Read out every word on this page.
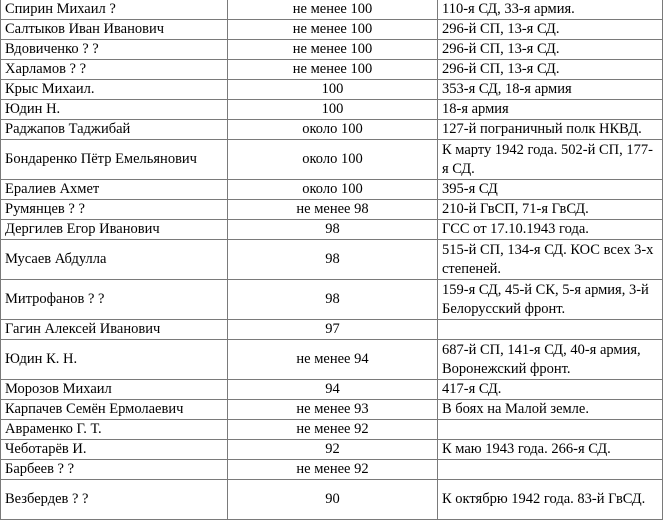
Спирин Михаил ?	не менее 100	110-я СД, 33-я армия.
Салтыков Иван Иванович	не менее 100	296-й СП, 13-я СД.
Вдовиченко ? ?	не менее 100	296-й СП, 13-я СД.
Харламов ? ?	не менее 100	296-й СП, 13-я СД.
Крыс Михаил.	100	353-я СД, 18-я армия
Юдин Н.	100	18-я армия
Раджапов Таджибай	около 100	127-й пограничный полк НКВД.
Бондаренко Пётр Емельянович	около 100	К марту 1942 года. 502-й СП, 177-я СД.
Ералиев Ахмет	около 100	395-я СД
Румянцев ? ?	не менее 98	210-й ГвСП, 71-я ГвСД.
Дергилев Егор Иванович	98	ГСС от 17.10.1943 года.
Мусаев Абдулла	98	515-й СП, 134-я СД. КОС всех 3-х степеней.
Митрофанов ? ?	98	159-я СД, 45-й СК, 5-я армия, 3-й Белорусский фронт.
Гагин Алексей Иванович	97	
Юдин К. Н.	не менее 94	687-й СП, 141-я СД, 40-я армия, Воронежский фронт.
Морозов Михаил	94	417-я СД.
Карпачев Семён Ермолаевич	не менее 93	В боях на Малой земле.
Авраменко Г. Т.	не менее 92	
Чеботарёв И.	92	К маю 1943 года. 266-я СД.
Барбеев ? ?	не менее 92	
Везбердев ? ?	90	К октябрю 1942 года. 83-й ГвСД.
